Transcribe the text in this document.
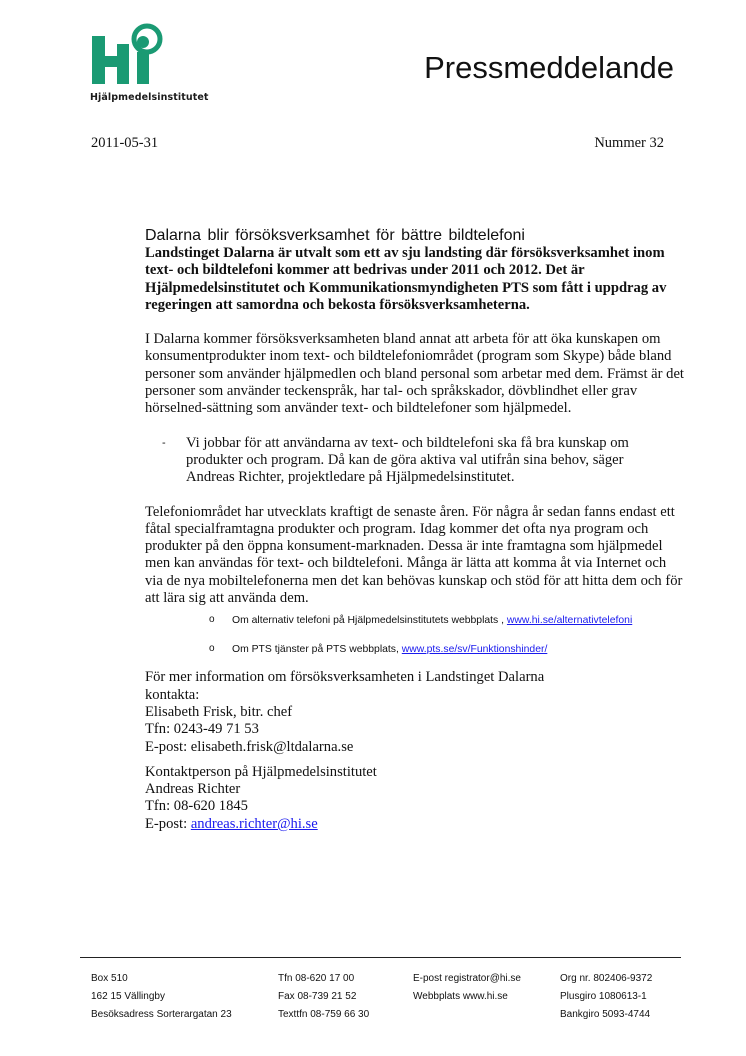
Hjälpmedelsinstitutet
Pressmeddelande
2011-05-31	Nummer 32

Dalarna blir försöksverksamhet för bättre bildtelefoni

Landstinget Dalarna är utvalt som ett av sju landsting där försöksverksamhet inom text- och bildtelefoni kommer att bedrivas under 2011 och 2012. Det är Hjälpmedelsinstitutet och Kommunikationsmyndigheten PTS som fått i uppdrag av regeringen att samordna och bekosta försöksverksamheterna.

I Dalarna kommer försöksverksamheten bland annat att arbeta för att öka kunskapen om konsumentprodukter inom text- och bildtelefoniområdet (program som Skype) både bland personer som använder hjälpmedlen och bland personal som arbetar med dem. Främst är det personer som använder teckenspråk, har tal- och språkskador, dövblindhet eller grav hörselned-sättning som använder text- och bildtelefoner som hjälpmedel.

- Vi jobbar för att användarna av text- och bildtelefoni ska få bra kunskap om produkter och program. Då kan de göra aktiva val utifrån sina behov, säger Andreas Richter, projektledare på Hjälpmedelsinstitutet.

Telefoniområdet har utvecklats kraftigt de senaste åren. För några år sedan fanns endast ett fåtal specialframtagna produkter och program. Idag kommer det ofta nya program och produkter på den öppna konsument-marknaden. Dessa är inte framtagna som hjälpmedel men kan användas för text- och bildtelefoni. Många är lätta att komma åt via Internet och via de nya mobiltelefonerna men det kan behövas kunskap och stöd för att hitta dem och för att lära sig att använda dem.

o Om alternativ telefoni på Hjälpmedelsinstitutets webbplats , www.hi.se/alternativtelefoni
o Om PTS tjänster på PTS webbplats, www.pts.se/sv/Funktionshinder/
För mer information om försöksverksamheten i Landstinget Dalarna
kontakta:
Elisabeth Frisk, bitr. chef
Tfn: 0243-49 71 53
E-post: elisabeth.frisk@ltdalarna.se
Kontaktperson på Hjälpmedelsinstitutet
Andreas Richter
Tfn: 08-620 1845
E-post: andreas.richter@hi.se
Box 510
162 15 Vällingby
Besöksadress Sorterargatan 23
Tfn 08-620 17 00
Fax 08-739 21 52
Texttfn 08-759 66 30
E-post registrator@hi.se
Webbplats www.hi.se
Org nr. 802406-9372
Plusgiro 1080613-1
Bankgiro 5093-4744
